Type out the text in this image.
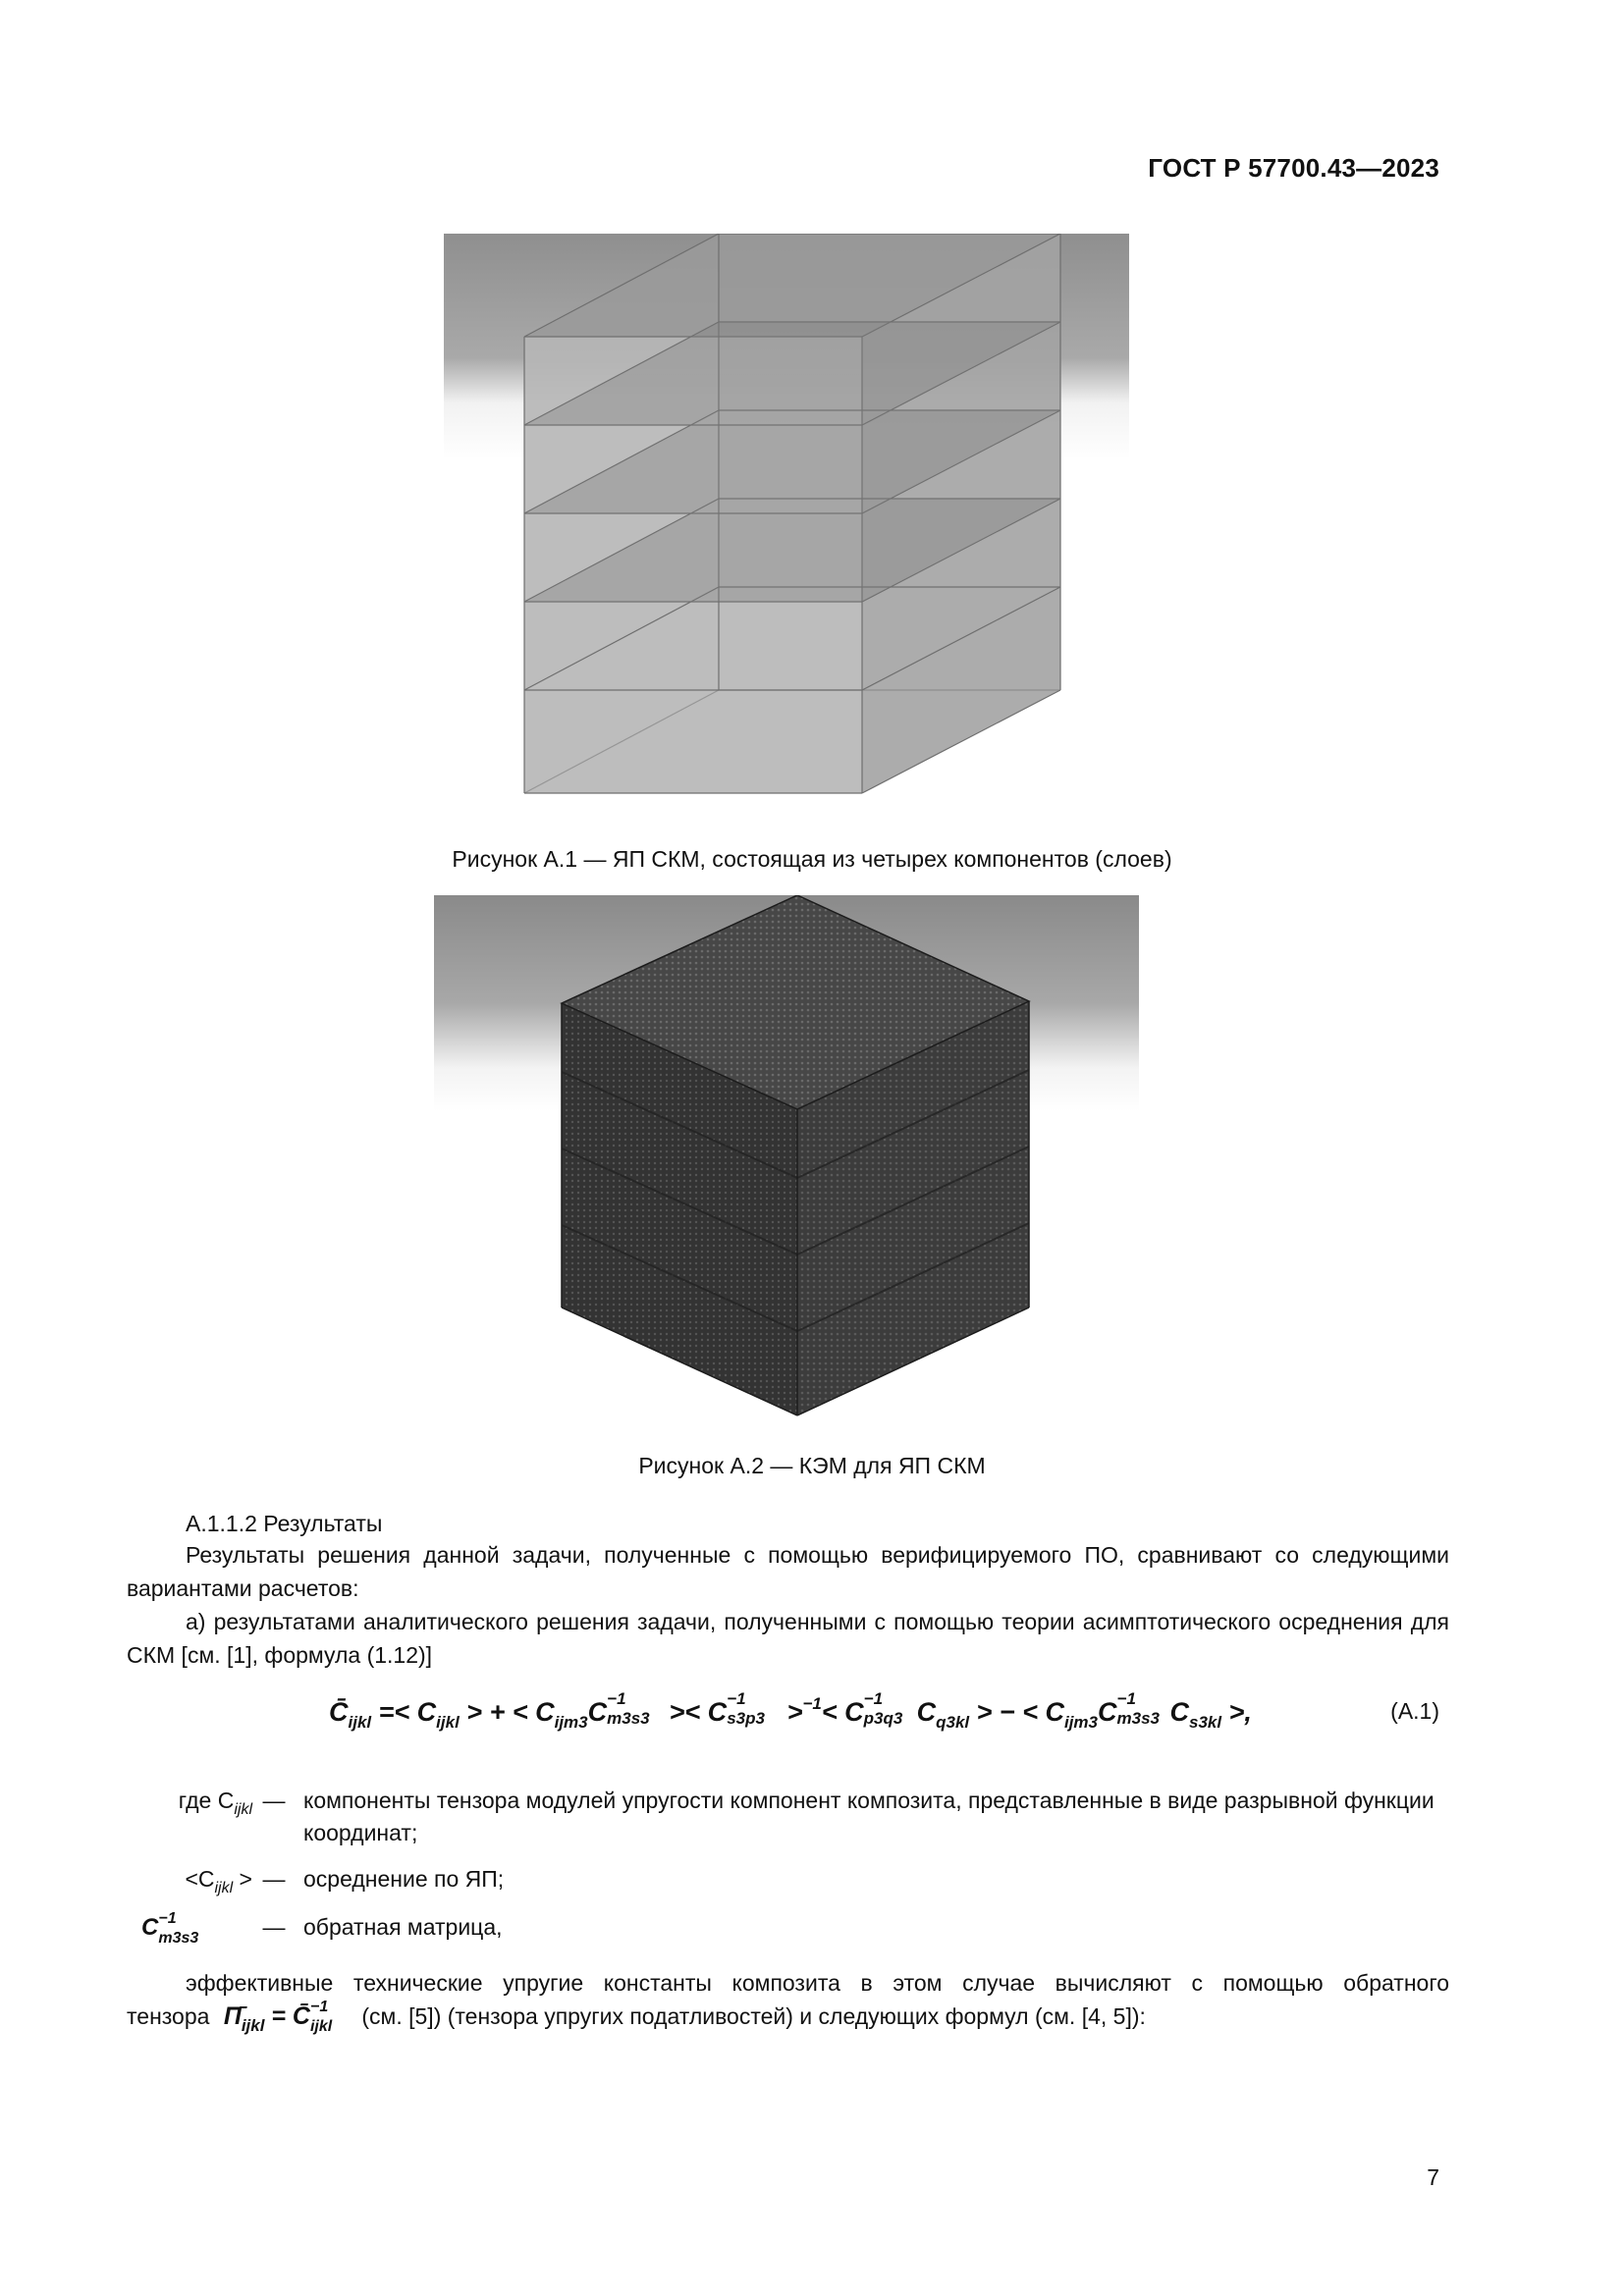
ГОСТ Р 57700.43—2023
Рисунок А.1 — ЯП СКМ, состоящая из четырех компонентов (слоев)
Рисунок А.2 — КЭМ для ЯП СКМ
А.1.1.2 Результаты
Результаты решения данной задачи, полученные с помощью верифицируемого ПО, сравнивают со следующими вариантами расчетов:
а) результатами аналитического решения задачи, полученными с помощью теории асимптотического осреднения для СКМ [см. [1], формула (1.12)]
$C̄_{ijkl} =< C_{ijkl}$ > + < $C_{ijm3}C -1$
m3s3 >< C −1
s3p3 >$^{-1}$< C −1
p3q3 $C_{q3kl}$ > − < $C_{ijm3}C -1$
m3s3 $C_{s3kl}$ >,	(А.1)
где $C_{ijkl}$ — компоненты тензора модулей упругости компонент композита, представленные в виде разрывной функции координат;
$<C_{ijkl}$ > — осреднение по ЯП;
C −1
m3s3	— обратная матрица,
эффективные технические упругие константы композита в этом случае вычисляют с помощью обратного
тензора $П̄_{ijkl}$ = C̄ −1
ijkl (см. [5]) (тензора упругих податливостей) и следующих формул (см. [4, 5]):
7
